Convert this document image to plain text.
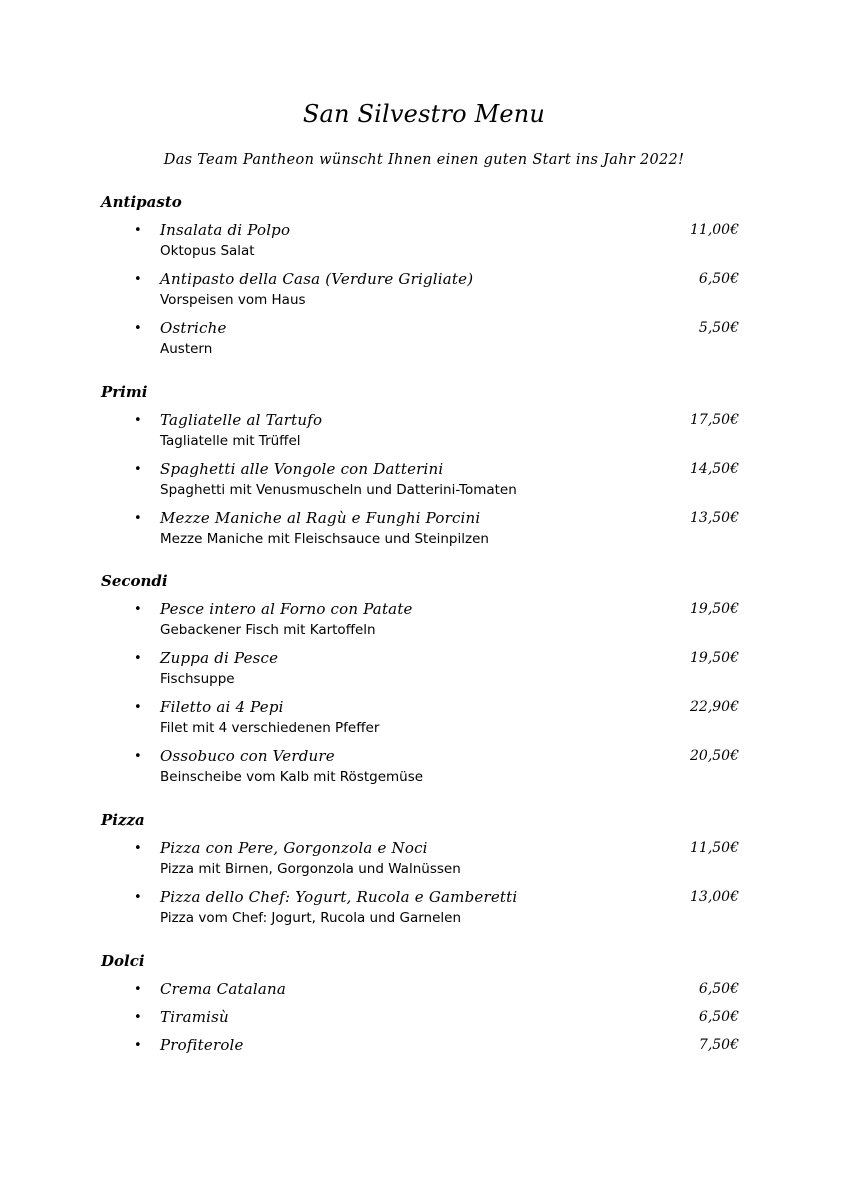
San Silvestro Menu
Das Team Pantheon wünscht Ihnen einen guten Start ins Jahr 2022!
Antipasto
• Insalata di Polpo
Oktopus Salat
11,00€
• Antipasto della Casa (Verdure Grigliate)
Vorspeisen vom Haus
6,50€
• Ostriche
Austern
5,50€
Primi
• Tagliatelle al Tartufo
Tagliatelle mit Trüffel
17,50€
• Spaghetti alle Vongole con Datterini
Spaghetti mit Venusmuscheln und Datterini-Tomaten
14,50€
• Mezze Maniche al Ragù e Funghi Porcini
Mezze Maniche mit Fleischsauce und Steinpilzen
13,50€
Secondi
• Pesce intero al Forno con Patate
Gebackener Fisch mit Kartoffeln
19,50€
• Zuppa di Pesce
Fischsuppe
19,50€
• Filetto ai 4 Pepi
Filet mit 4 verschiedenen Pfeffer
22,90€
• Ossobuco con Verdure
Beinscheibe vom Kalb mit Röstgemüse
20,50€
Pizza
• Pizza con Pere, Gorgonzola e Noci
Pizza mit Birnen, Gorgonzola und Walnüssen
11,50€
• Pizza dello Chef: Yogurt, Rucola e Gamberetti
Pizza vom Chef: Jogurt, Rucola und Garnelen
13,00€
Dolci
• Crema Catalana	6,50€
• Tiramisù	6,50€
• Profiterole	7,50€
